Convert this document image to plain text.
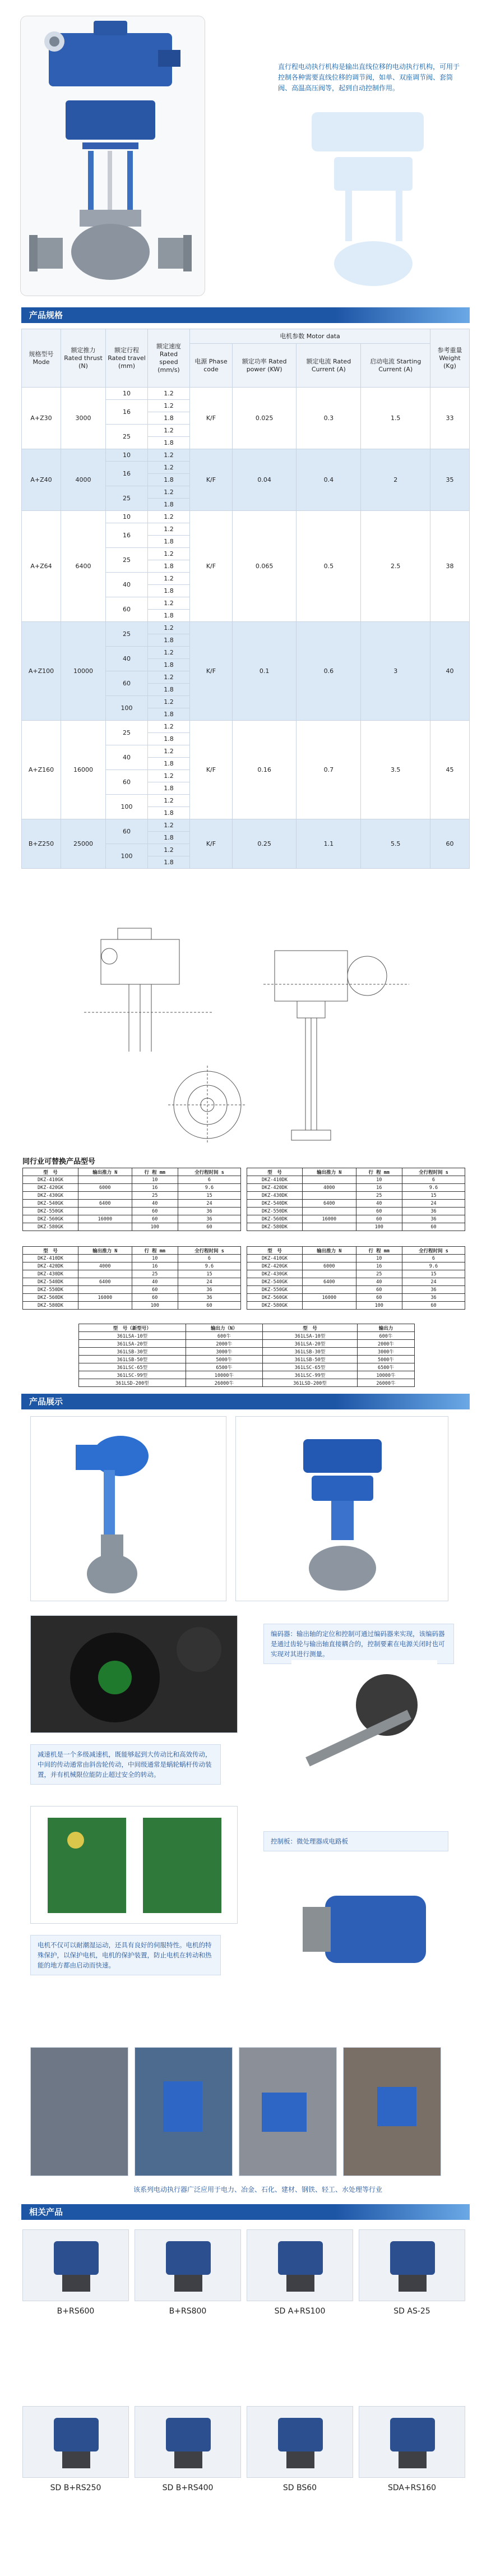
直行程电动执行机构是输出直线位移的电动执行机构，可用于控制各种需要直线位移的调节阀，如单、双座调节阀、套筒阀、高温高压阀等，起到自动控制作用。
产品规格
规格型号 Mode	额定推力 Rated thrust (N)	额定行程 Rated travel (mm)	额定速度 Rated speed (mm/s)	电机参数 Motor data				参考重量 Weight (Kg)
				电源 Phase code	额定功率 Rated power (KW)	额定电流 Rated Current (A)	启动电流 Starting Current (A)	
A+Z30	3000	10	1.2	K/F	0.025	0.3	1.5	33
		16	1.2					
			1.8					
		25	1.2					
			1.8					
A+Z40	4000	10	1.2	K/F	0.04	0.4	2	35
		16	1.2					
			1.8					
		25	1.2					
			1.8					
A+Z64	6400	10	1.2	K/F	0.065	0.5	2.5	38
		16	1.2					
			1.8					
		25	1.2					
			1.8					
		40	1.2					
			1.8					
		60	1.2					
			1.8					
A+Z100	10000	25	1.2	K/F	0.1	0.6	3	40
			1.8					
		40	1.2					
			1.8					
		60	1.2					
			1.8					
		100	1.2					
			1.8					
A+Z160	16000	25	1.2	K/F	0.16	0.7	3.5	45
			1.8					
		40	1.2					
			1.8					
		60	1.2					
			1.8					
		100	1.2					
			1.8					
B+Z250	25000	60	1.2	K/F	0.25	1.1	5.5	60
			1.8					
		100	1.2					
			1.8					
同行业可替换产品型号
型　号	输出推力 N	行 程 mm	全行程时间 s
DKZ-410GK		10	6
DKZ-420GK	6000	16	9.6
DKZ-430GK		25	15
DKZ-540GK	6400	40	24
DKZ-550GK		60	36
DKZ-560GK	16000	60	36
DKZ-580GK		100	60
型　号	输出推力 N	行 程 mm	全行程时间 s
DKZ-410DK		10	6
DKZ-420DK	4000	16	9.6
DKZ-430DK		25	15
DKZ-540DK	6400	40	24
DKZ-550DK		60	36
DKZ-560DK	16000	60	36
DKZ-580DK		100	60
型　号	输出推力 N	行 程 mm	全行程时间 s
DKZ-410DK		10	6
DKZ-420DK	4000	16	9.6
DKZ-430DK		25	15
DKZ-540DK	6400	40	24
DKZ-550DK		60	36
DKZ-560DK	16000	60	36
DKZ-580DK		100	60
型　号	输出推力 N	行 程 mm	全行程时间 s
DKZ-410GK		10	6
DKZ-420GK	6000	16	9.6
DKZ-430GK		25	15
DKZ-540GK	6400	40	24
DKZ-550GK		60	36
DKZ-560GK	16000	60	36
DKZ-580GK		100	60
型　号（新型号）	输出力（N）	型　号	输出力
361LSA-10型	600牛	361LSA-10型	600牛
361LSA-20型	2000牛	361LSA-20型	2000牛
361LSB-30型	3000牛	361LSB-30型	3000牛
361LSB-50型	5000牛	361LSB-50型	5000牛
361LSC-65型	6500牛	361LSC-65型	6500牛
361LSC-99型	10000牛	361LSC-99型	10000牛
361LSD-200型	26000牛	361LSD-200型	26000牛
产品展示
编码器：输出轴的定位和控制可通过编码器来实现，该编码器是通过齿轮与输出轴直接耦合的，控制要素在电源关闭时也可实现对其进行测量。
减速机是一个多级减速机，既能够起到大传动比和高效传动，中间的传动通常由斜齿轮传动，中间级通常是蜗轮蜗杆传动装置，并有机械限位能防止超过安全的转动。
控制板：微处理器成电路板
电机不仅可以耐潮湿运动，还具有良好的伺服特性。电机的特殊保护，以保护电机，电机的保护装置，防止电机在转动和热能的地方都由启动而快速。
该系列电动执行器广泛应用于电力、冶金、石化、建材、钢铁、轻工、水处理等行业
相关产品
B+RS600	B+RS800	SD A+RS100	SD AS-25
SD B+RS250	SD B+RS400	SD BS60	SDA+RS160
